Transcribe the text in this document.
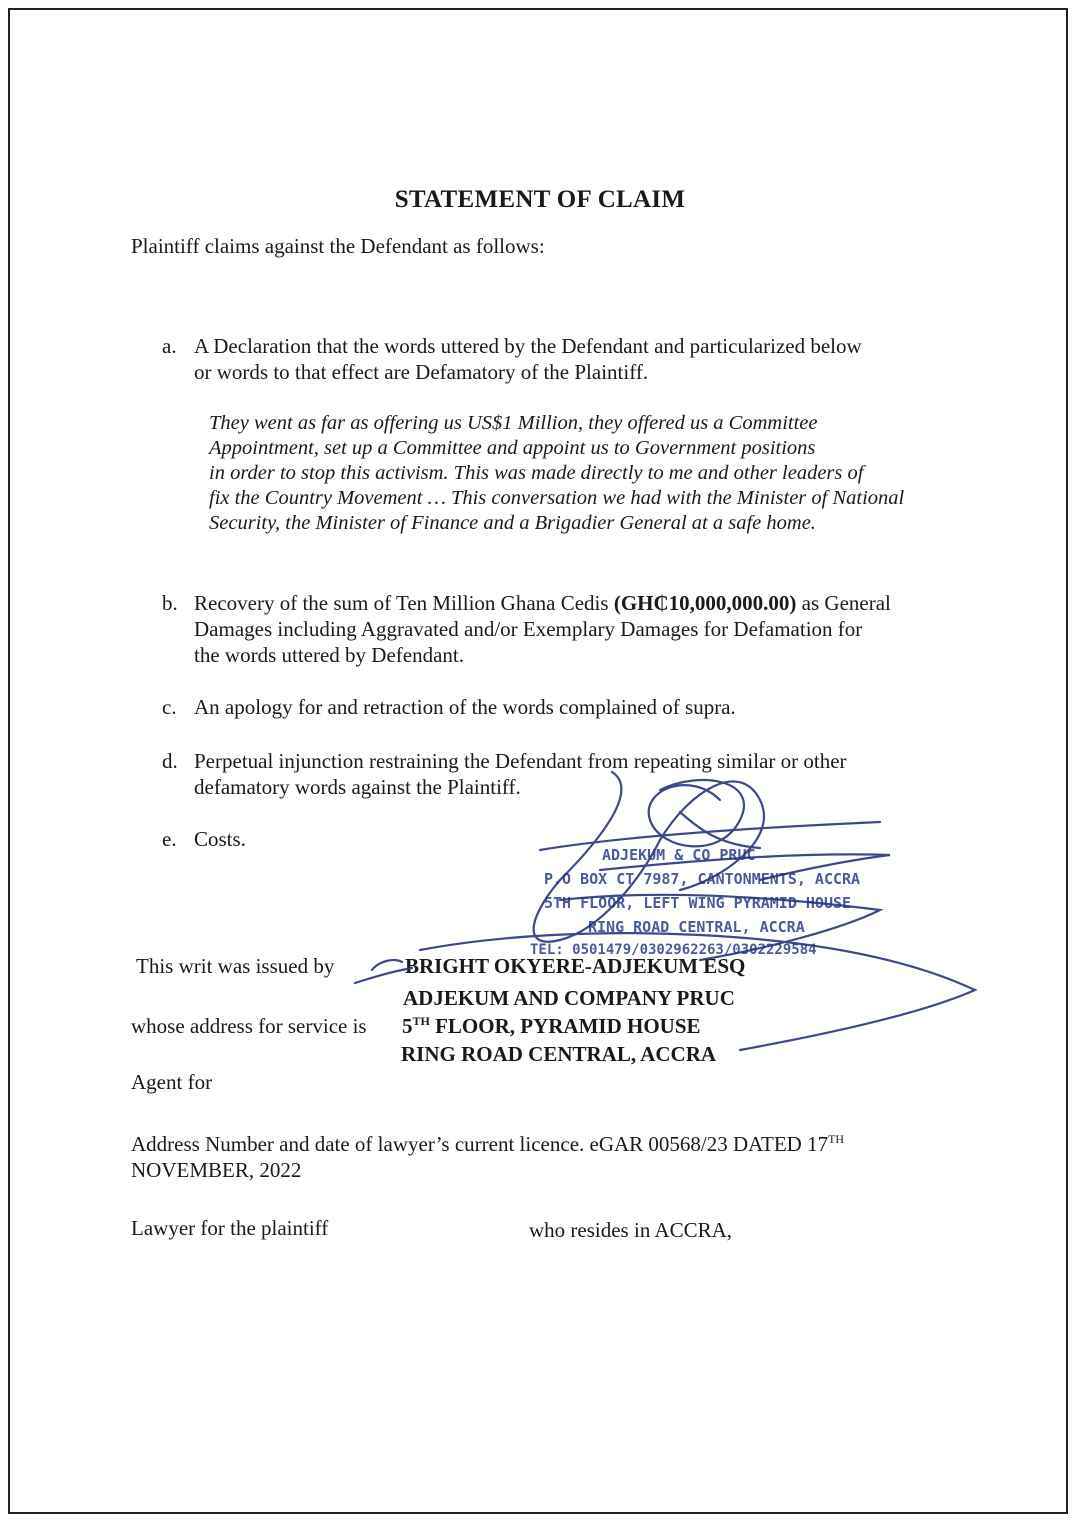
STATEMENT OF CLAIM
Plaintiff claims against the Defendant as follows:
a. A Declaration that the words uttered by the Defendant and particularized below
or words to that effect are Defamatory of the Plaintiff.
They went as far as offering us US$1 Million, they offered us a Committee
Appointment, set up a Committee and appoint us to Government positions
in order to stop this activism. This was made directly to me and other leaders of
fix the Country Movement … This conversation we had with the Minister of National
Security, the Minister of Finance and a Brigadier General at a safe home.
b. Recovery of the sum of Ten Million Ghana Cedis (GH₵10,000,000.00) as General
Damages including Aggravated and/or Exemplary Damages for Defamation for
the words uttered by Defendant.
c. An apology for and retraction of the words complained of supra.
d. Perpetual injunction restraining the Defendant from repeating similar or other
defamatory words against the Plaintiff.
e. Costs.
ADJEKUM & CO PRUC
P.O BOX CT 7987, CANTONMENTS, ACCRA
5TH FLOOR, LEFT WING PYRAMID HOUSE
RING ROAD CENTRAL, ACCRA
TEL: 0501479/0302962263/0302229584
This writ was issued by	BRIGHT OKYERE-ADJEKUM ESQ
ADJEKUM AND COMPANY PRUC
whose address for service is 5TH FLOOR, PYRAMID HOUSE
RING ROAD CENTRAL, ACCRA
Agent for
Address Number and date of lawyer’s current licence. eGAR 00568/23 DATED 17TH
NOVEMBER, 2022
Lawyer for the plaintiff	who resides in ACCRA,
